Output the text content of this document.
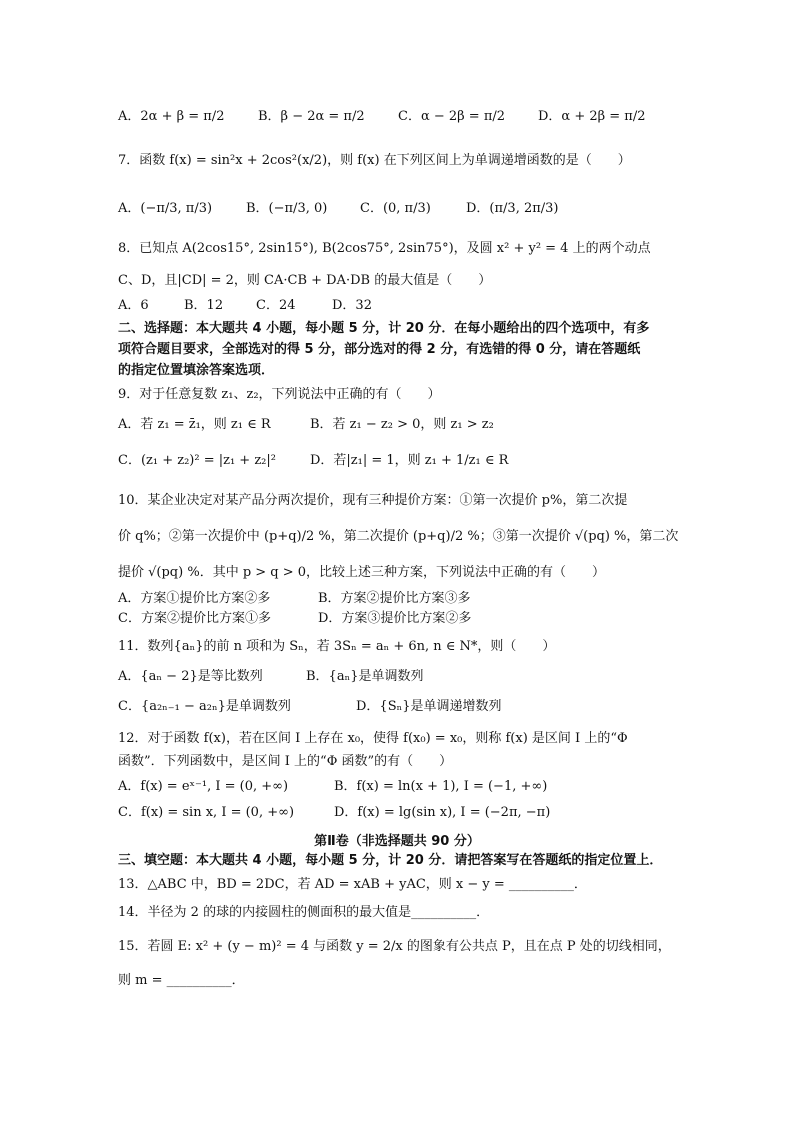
A．2α + β = π/2	B．β − 2α = π/2	C．α − 2β = π/2	D．α + 2β = π/2
7．函数 f(x) = sin²x + 2cos²(x/2)，则 f(x) 在下列区间上为单调递增函数的是（　　）
A．(−π/3, π/3)	B．(−π/3, 0)	C．(0, π/3)	D．(π/3, 2π/3)
8．已知点 A(2cos15°, 2sin15°), B(2cos75°, 2sin75°)，及圆 x² + y² = 4 上的两个动点
C、D，且|CD| = 2，则 CA·CB + DA·DB 的最大值是（　　）
A．6	B．12	C．24	D．32
二、选择题：本大题共 4 小题，每小题 5 分，计 20 分．在每小题给出的四个选项中，有多
项符合题目要求，全部选对的得 5 分，部分选对的得 2 分，有选错的得 0 分，请在答题纸
的指定位置填涂答案选项．
9．对于任意复数 z₁、z₂，下列说法中正确的有（　　）
A．若 z₁ = z̄₁，则 z₁ ∈ R	B．若 z₁ − z₂ > 0，则 z₁ > z₂
C．(z₁ + z₂)² = |z₁ + z₂|²	D．若|z₁| = 1，则 z₁ + 1/z₁ ∈ R
10．某企业决定对某产品分两次提价，现有三种提价方案：①第一次提价 p%，第二次提
价 q%；②第一次提价中 (p+q)/2 %，第二次提价 (p+q)/2 %；③第一次提价 √(pq) %，第二次
提价 √(pq) %．其中 p > q > 0，比较上述三种方案，下列说法中正确的有（　　）
A．方案①提价比方案②多	B．方案②提价比方案③多
C．方案②提价比方案①多	D．方案③提价比方案②多
11．数列{aₙ}的前 n 项和为 Sₙ，若 3Sₙ = aₙ + 6n, n ∈ N*，则（　　）
A．{aₙ − 2}是等比数列	B．{aₙ}是单调数列
C．{a₂ₙ₋₁ − a₂ₙ}是单调数列	D．{Sₙ}是单调递增数列
12．对于函数 f(x)，若在区间 I 上存在 x₀，使得 f(x₀) = x₀，则称 f(x) 是区间 I 上的“Φ
函数”．下列函数中，是区间 I 上的“Φ 函数”的有（　　）
A．f(x) = eˣ⁻¹, I = (0, +∞)	B．f(x) = ln(x + 1), I = (−1, +∞)
C．f(x) = sin x, I = (0, +∞)	D．f(x) = lg(sin x), I = (−2π, −π)
第Ⅱ卷（非选择题共 90 分）
三、填空题：本大题共 4 小题，每小题 5 分，计 20 分．请把答案写在答题纸的指定位置上．
13．△ABC 中，BD = 2DC，若 AD = xAB + yAC，则 x − y = __________．
14．半径为 2 的球的内接圆柱的侧面积的最大值是__________．
15．若圆 E: x² + (y − m)² = 4 与函数 y = 2/x 的图象有公共点 P，且在点 P 处的切线相同，
则 m = __________．
